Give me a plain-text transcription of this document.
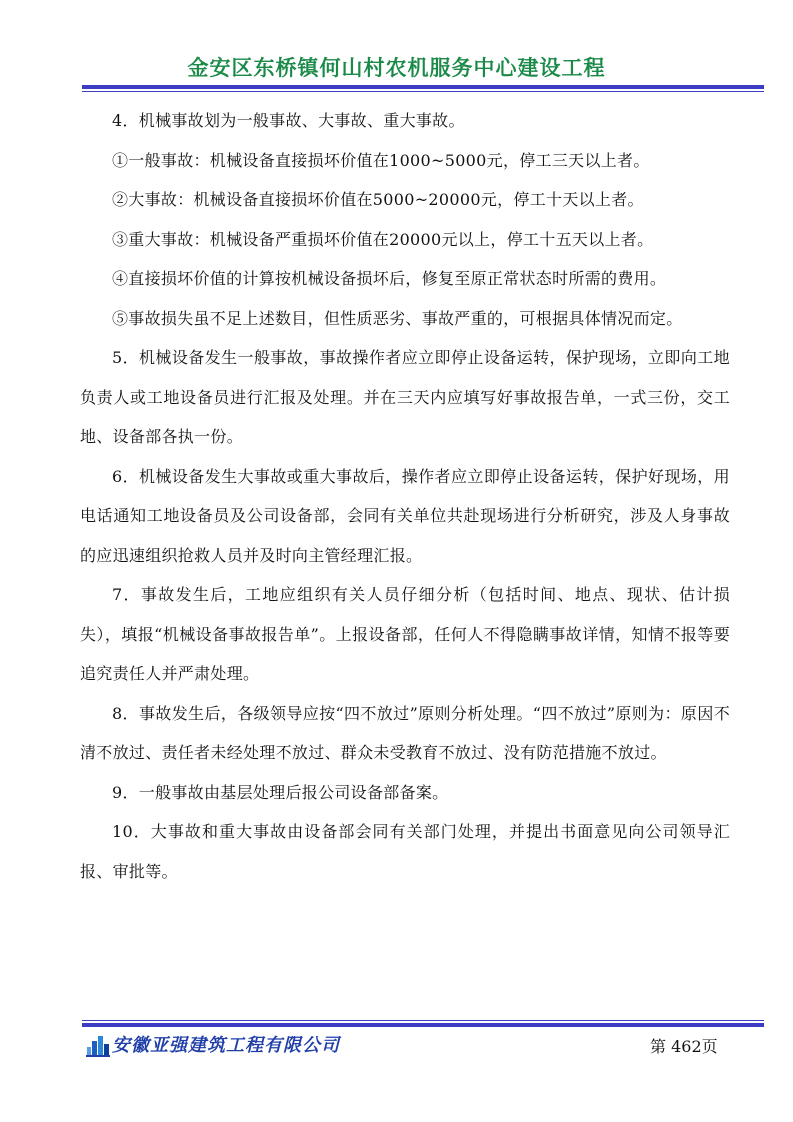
金安区东桥镇何山村农机服务中心建设工程

4．机械事故划为一般事故、大事故、重大事故。

①一般事故：机械设备直接损坏价值在1000~5000元，停工三天以上者。

②大事故：机械设备直接损坏价值在5000~20000元，停工十天以上者。

③重大事故：机械设备严重损坏价值在20000元以上，停工十五天以上者。

④直接损坏价值的计算按机械设备损坏后，修复至原正常状态时所需的费用。

⑤事故损失虽不足上述数目，但性质恶劣、事故严重的，可根据具体情况而定。

5．机械设备发生一般事故，事故操作者应立即停止设备运转，保护现场，立即向工地负责人或工地设备员进行汇报及处理。并在三天内应填写好事故报告单，一式三份，交工地、设备部各执一份。

6．机械设备发生大事故或重大事故后，操作者应立即停止设备运转，保护好现场，用电话通知工地设备员及公司设备部，会同有关单位共赴现场进行分析研究，涉及人身事故的应迅速组织抢救人员并及时向主管经理汇报。

7．事故发生后，工地应组织有关人员仔细分析（包括时间、地点、现状、估计损失），填报“机械设备事故报告单”。上报设备部，任何人不得隐瞒事故详情，知情不报等要追究责任人并严肃处理。

8．事故发生后，各级领导应按“四不放过”原则分析处理。“四不放过”原则为：原因不清不放过、责任者未经处理不放过、群众未受教育不放过、没有防范措施不放过。

9．一般事故由基层处理后报公司设备部备案。

10．大事故和重大事故由设备部会同有关部门处理，并提出书面意见向公司领导汇报、审批等。

安徽亚强建筑工程有限公司	第 462页
